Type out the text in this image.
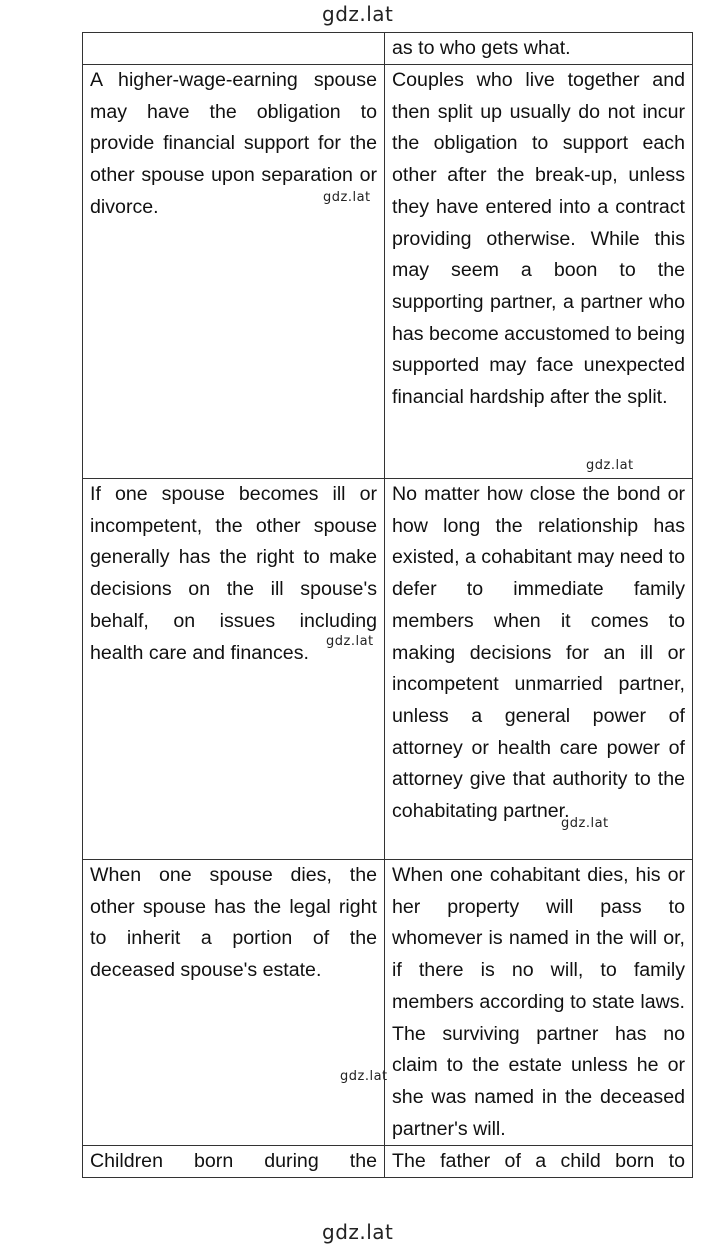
gdz.lat
	as to who gets what.
A higher-wage-earning spouse may have the obligation to provide financial support for the other spouse upon separation or divorce.	Couples who live together and then split up usually do not incur the obligation to support each other after the break-up, unless they have entered into a contract providing otherwise. While this may seem a boon to the supporting partner, a partner who has become accustomed to being supported may face unexpected financial hardship after the split.
If one spouse becomes ill or incompetent, the other spouse generally has the right to make decisions on the ill spouse's behalf, on issues including health care and finances.	No matter how close the bond or how long the relationship has existed, a cohabitant may need to defer to immediate family members when it comes to making decisions for an ill or incompetent unmarried partner, unless a general power of attorney or health care power of attorney give that authority to the cohabitating partner.
When one spouse dies, the other spouse has the legal right to inherit a portion of the deceased spouse's estate.	When one cohabitant dies, his or her property will pass to whomever is named in the will or, if there is no will, to family members according to state laws. The surviving partner has no claim to the estate unless he or she was named in the deceased partner's will.
Children born during the	The father of a child born to
gdz.lat
gdz.lat
gdz.lat
gdz.lat
gdz.lat
gdz.lat
